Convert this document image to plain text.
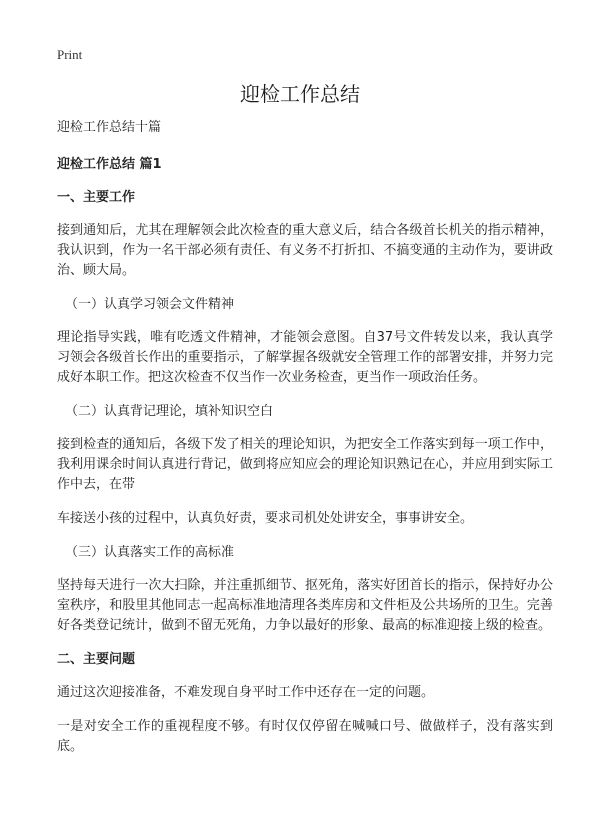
Print
迎检工作总结

迎检工作总结十篇

迎检工作总结 篇1

一、主要工作

接到通知后，尤其在理解领会此次检查的重大意义后，结合各级首长机关的指示精神，我认识到，作为一名干部必须有责任、有义务不打折扣、不搞变通的主动作为，要讲政治、顾大局。

（一）认真学习领会文件精神

理论指导实践，唯有吃透文件精神，才能领会意图。自37号文件转发以来，我认真学习领会各级首长作出的重要指示，了解掌握各级就安全管理工作的部署安排，并努力完成好本职工作。把这次检查不仅当作一次业务检查，更当作一项政治任务。

（二）认真背记理论，填补知识空白

接到检查的通知后，各级下发了相关的理论知识，为把安全工作落实到每一项工作中，我利用课余时间认真进行背记，做到将应知应会的理论知识熟记在心，并应用到实际工作中去，在带

车接送小孩的过程中，认真负好责，要求司机处处讲安全，事事讲安全。

（三）认真落实工作的高标准

坚持每天进行一次大扫除，并注重抓细节、抠死角，落实好团首长的指示，保持好办公室秩序，和股里其他同志一起高标准地清理各类库房和文件柜及公共场所的卫生。完善好各类登记统计，做到不留无死角，力争以最好的形象、最高的标准迎接上级的检查。

二、主要问题

通过这次迎接准备，不难发现自身平时工作中还存在一定的问题。

一是对安全工作的重视程度不够。有时仅仅停留在喊喊口号、做做样子，没有落实到底。
